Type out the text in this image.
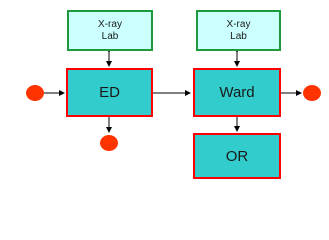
X-ray
Lab
X-ray
Lab
ED	Ward
OR
